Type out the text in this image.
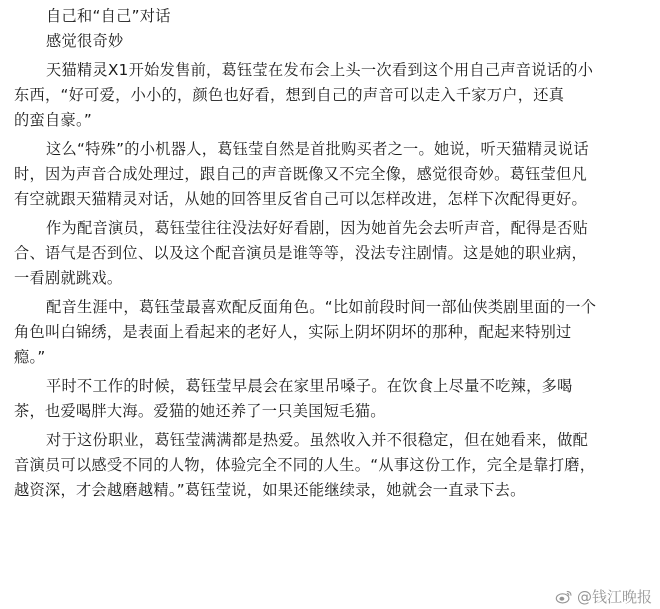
自己和“自己”对话
感觉很奇妙
天猫精灵X1开始发售前，葛钰莹在发布会上头一次看到这个用自己声音说话的小
东西，“好可爱，小小的，颜色也好看，想到自己的声音可以走入千家万户，还真
的蛮自豪。”
这么“特殊”的小机器人，葛钰莹自然是首批购买者之一。她说，听天猫精灵说话
时，因为声音合成处理过，跟自己的声音既像又不完全像，感觉很奇妙。葛钰莹但凡
有空就跟天猫精灵对话，从她的回答里反省自己可以怎样改进，怎样下次配得更好。
作为配音演员，葛钰莹往往没法好好看剧，因为她首先会去听声音，配得是否贴
合、语气是否到位、以及这个配音演员是谁等等，没法专注剧情。这是她的职业病，
一看剧就跳戏。
配音生涯中，葛钰莹最喜欢配反面角色。“比如前段时间一部仙侠类剧里面的一个
角色叫白锦绣，是表面上看起来的老好人，实际上阴坏阴坏的那种，配起来特别过
瘾。”
平时不工作的时候，葛钰莹早晨会在家里吊嗓子。在饮食上尽量不吃辣，多喝
茶，也爱喝胖大海。爱猫的她还养了一只美国短毛猫。
对于这份职业，葛钰莹满满都是热爱。虽然收入并不很稳定，但在她看来，做配
音演员可以感受不同的人物，体验完全不同的人生。“从事这份工作，完全是靠打磨，
越资深，才会越磨越精。”葛钰莹说，如果还能继续录，她就会一直录下去。
@钱江晚报
